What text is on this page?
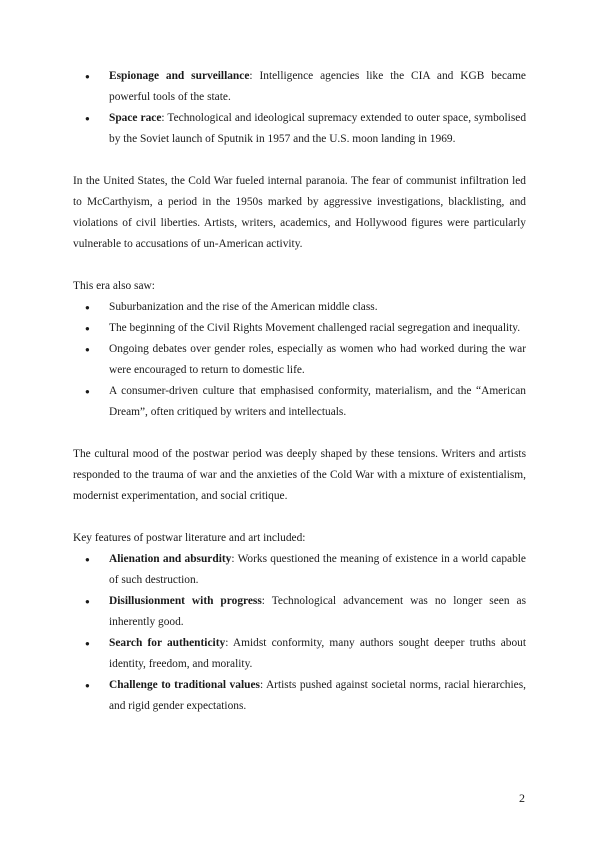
● Espionage and surveillance: Intelligence agencies like the CIA and KGB became powerful tools of the state.
● Space race: Technological and ideological supremacy extended to outer space, symbolised by the Soviet launch of Sputnik in 1957 and the U.S. moon landing in 1969.

In the United States, the Cold War fueled internal paranoia. The fear of communist infiltration led to McCarthyism, a period in the 1950s marked by aggressive investigations, blacklisting, and violations of civil liberties. Artists, writers, academics, and Hollywood figures were particularly vulnerable to accusations of un-American activity.

This era also saw:

● Suburbanization and the rise of the American middle class.
● The beginning of the Civil Rights Movement challenged racial segregation and inequality.
● Ongoing debates over gender roles, especially as women who had worked during the war were encouraged to return to domestic life.
● A consumer-driven culture that emphasised conformity, materialism, and the “American Dream”, often critiqued by writers and intellectuals.

The cultural mood of the postwar period was deeply shaped by these tensions. Writers and artists responded to the trauma of war and the anxieties of the Cold War with a mixture of existentialism, modernist experimentation, and social critique.

Key features of postwar literature and art included:

● Alienation and absurdity: Works questioned the meaning of existence in a world capable of such destruction.
● Disillusionment with progress: Technological advancement was no longer seen as inherently good.
● Search for authenticity: Amidst conformity, many authors sought deeper truths about identity, freedom, and morality.
● Challenge to traditional values: Artists pushed against societal norms, racial hierarchies, and rigid gender expectations.
2
